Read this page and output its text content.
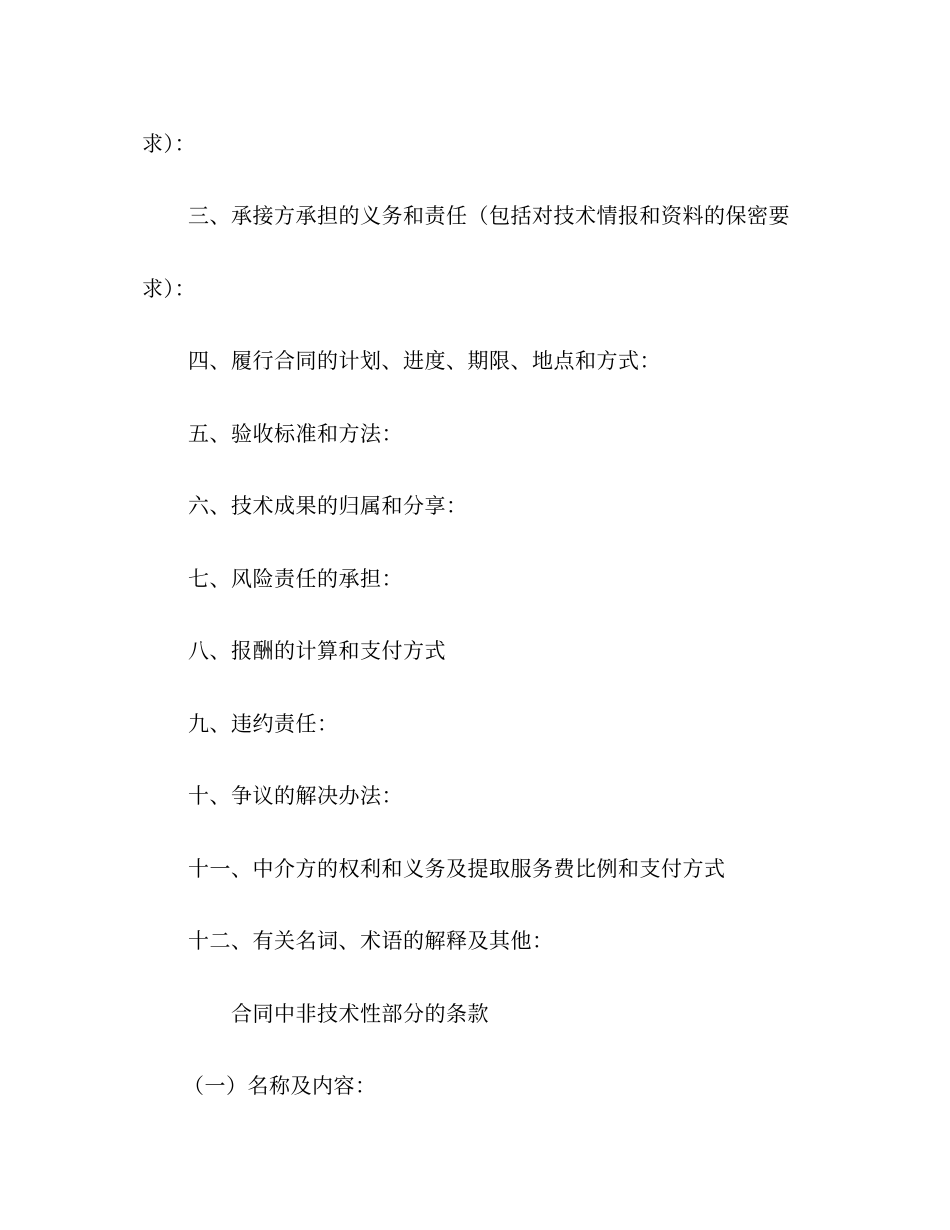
求）：
三、承接方承担的义务和责任（包括对技术情报和资料的保密要
求）：
四、履行合同的计划、进度、期限、地点和方式：
五、验收标准和方法：
六、技术成果的归属和分享：
七、风险责任的承担：
八、报酬的计算和支付方式
九、违约责任：
十、争议的解决办法：
十一、中介方的权利和义务及提取服务费比例和支付方式
十二、有关名词、术语的解释及其他：
合同中非技术性部分的条款
（一）名称及内容：
